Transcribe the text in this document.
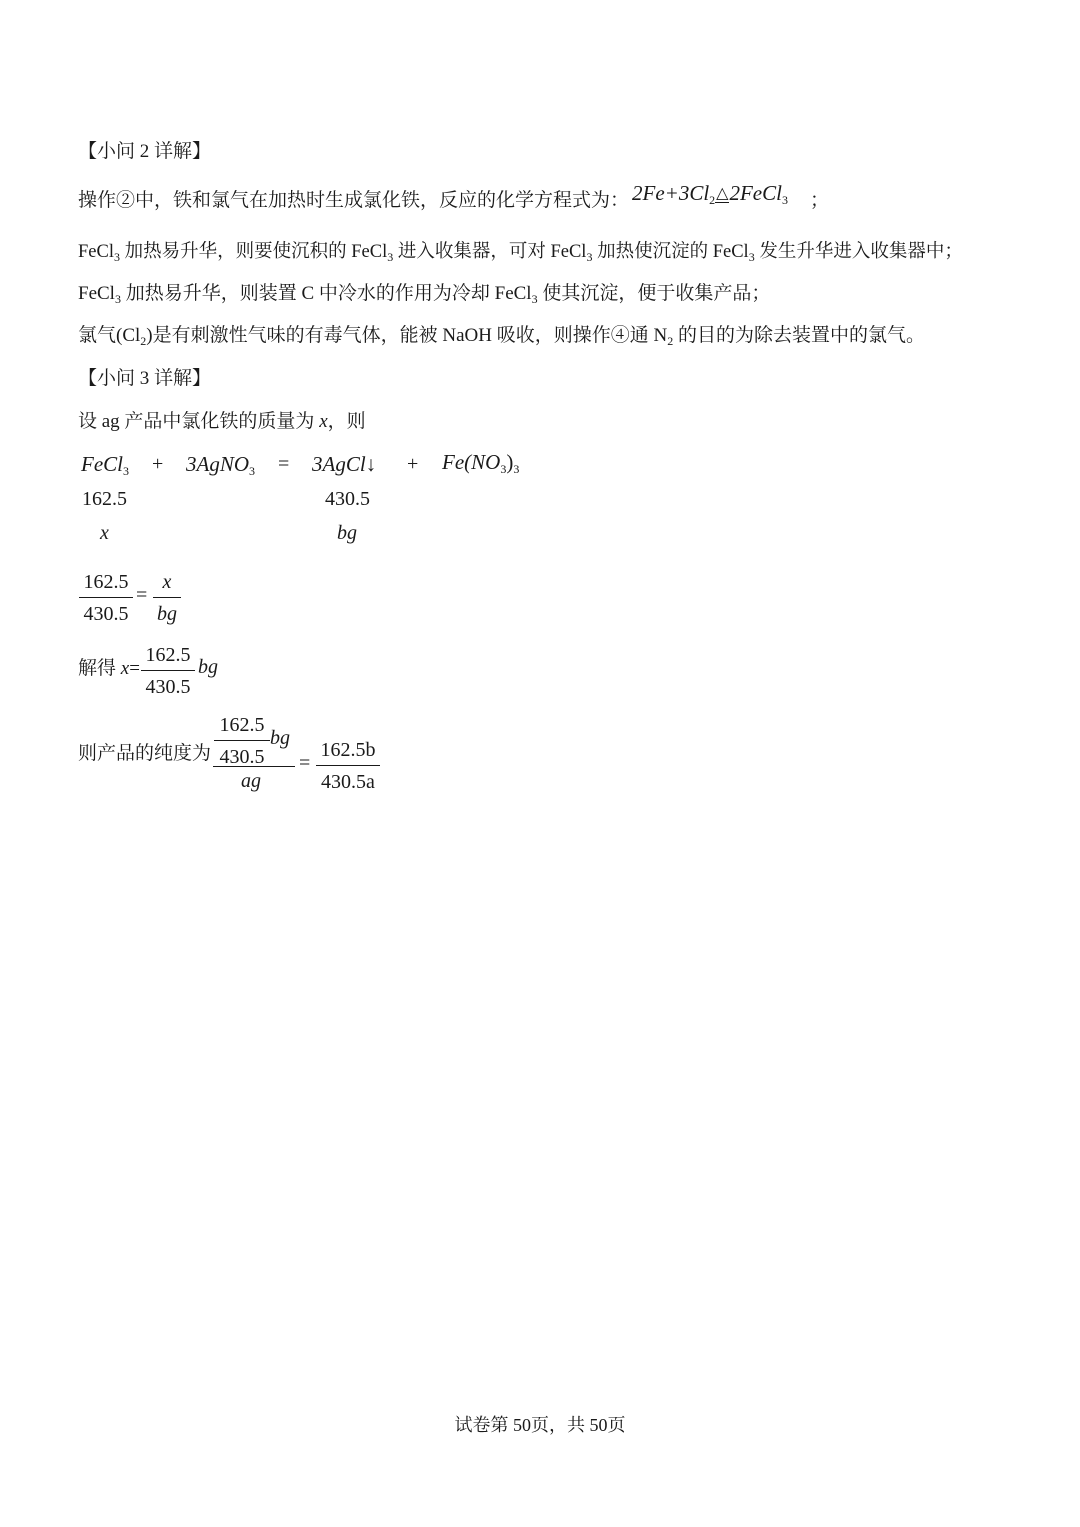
【小问 2 详解】
操作②中，铁和氯气在加热时生成氯化铁，反应的化学方程式为： $2Fe+3Cl_2\triangle 2FeCl_3$ ；
FeCl$_3$ 加热易升华，则要使沉积的 FeCl$_3$ 进入收集器，可对 FeCl$_3$ 加热使沉淀的 FeCl$_3$ 发生升华进入收集器中；
FeCl$_3$ 加热易升华，则装置 C 中冷水的作用为冷却 FeCl$_3$ 使其沉淀，便于收集产品；
氯气$(Cl_2)$是有刺激性气味的有毒气体，能被 NaOH 吸收，则操作④通 $N_2$ 的目的为除去装置中的氯气。
【小问 3 详解】
设 ag 产品中氯化铁的质量为 x，则
FeCl$_3$ + 3AgNO$_3$ = 3AgCl↓ + $Fe(NO_3)_3$
162.5	430.5
x	bg
162.5
430.5
=
x
bg
解得 x=
162.5
430.5
bg
则产品的纯度为
162.5
430.5
bg
ag
=
162.5b
430.5a
试卷第 50页，共 50页
